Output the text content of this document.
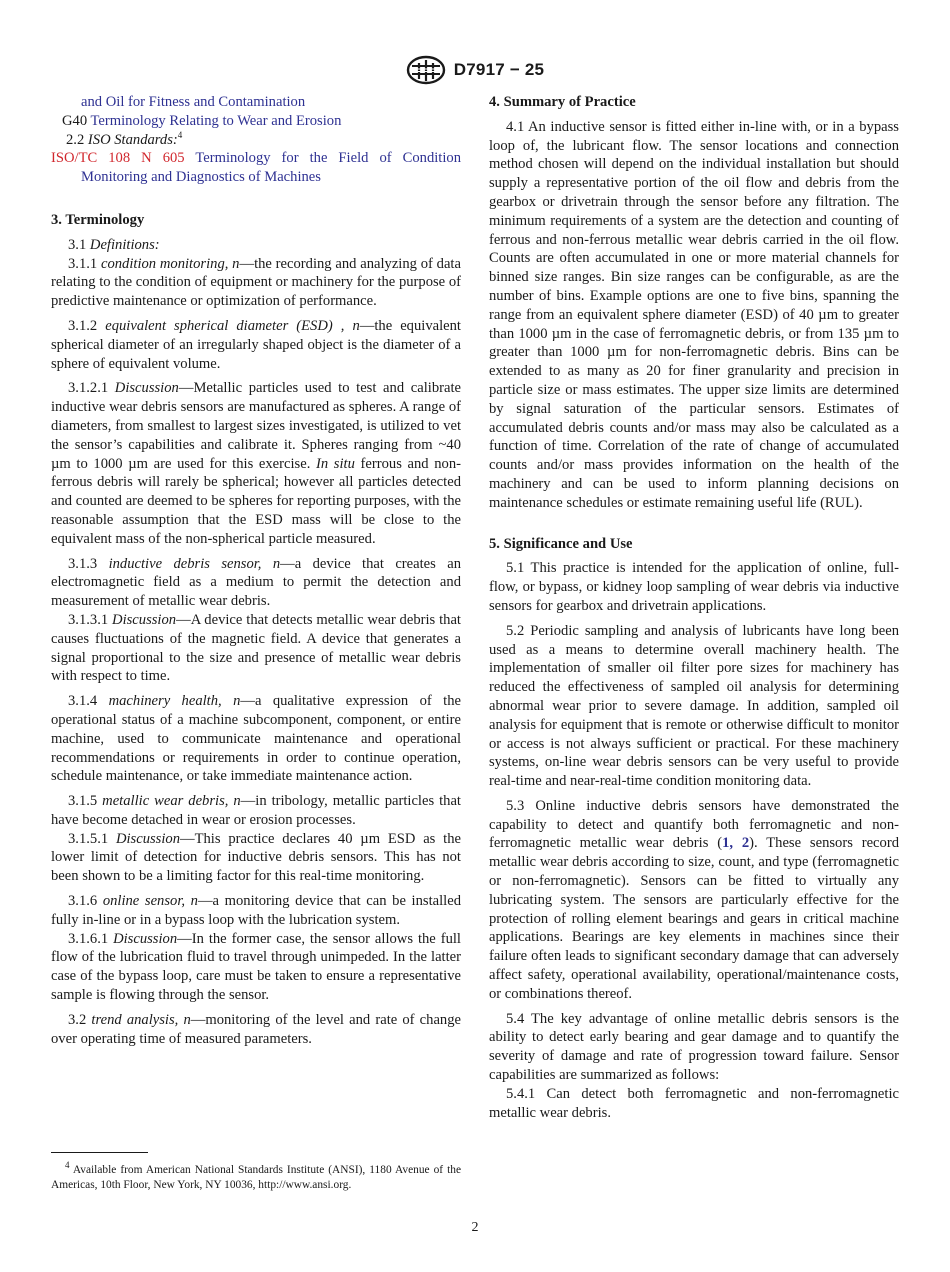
D7917 − 25

and Oil for Fitness and Contamination

G40 Terminology Relating to Wear and Erosion

2.2 ISO Standards:$^4$

ISO/TC 108 N 605 Terminology for the Field of Condition Monitoring and Diagnostics of Machines

3. Terminology

3.1 Definitions:

3.1.1 condition monitoring, n—the recording and analyzing of data relating to the condition of equipment or machinery for the purpose of predictive maintenance or optimization of performance.

3.1.2 equivalent spherical diameter (ESD) , n—the equivalent spherical diameter of an irregularly shaped object is the diameter of a sphere of equivalent volume.

3.1.2.1 Discussion—Metallic particles used to test and calibrate inductive wear debris sensors are manufactured as spheres. A range of diameters, from smallest to largest sizes investigated, is utilized to vet the sensor’s capabilities and calibrate it. Spheres ranging from ~40 µm to 1000 µm are used for this exercise. In situ ferrous and non-ferrous debris will rarely be spherical; however all particles detected and counted are deemed to be spheres for reporting purposes, with the reasonable assumption that the ESD mass will be close to the equivalent mass of the non-spherical particle measured.

3.1.3 inductive debris sensor, n—a device that creates an electromagnetic field as a medium to permit the detection and measurement of metallic wear debris.

3.1.3.1 Discussion—A device that detects metallic wear debris that causes fluctuations of the magnetic field. A device that generates a signal proportional to the size and presence of metallic wear debris with respect to time.

3.1.4 machinery health, n—a qualitative expression of the operational status of a machine subcomponent, component, or entire machine, used to communicate maintenance and operational recommendations or requirements in order to continue operation, schedule maintenance, or take immediate maintenance action.

3.1.5 metallic wear debris, n—in tribology, metallic particles that have become detached in wear or erosion processes.

3.1.5.1 Discussion—This practice declares 40 µm ESD as the lower limit of detection for inductive debris sensors. This has not been shown to be a limiting factor for this real-time monitoring.

3.1.6 online sensor, n—a monitoring device that can be installed fully in-line or in a bypass loop with the lubrication system.

3.1.6.1 Discussion—In the former case, the sensor allows the full flow of the lubrication fluid to travel through unimpeded. In the latter case of the bypass loop, care must be taken to ensure a representative sample is flowing through the sensor.

3.2 trend analysis, n—monitoring of the level and rate of change over operating time of measured parameters.

$^4$ Available from American National Standards Institute (ANSI), 1180 Avenue of the Americas, 10th Floor, New York, NY 10036, http://www.ansi.org.

4. Summary of Practice

4.1 An inductive sensor is fitted either in-line with, or in a bypass loop of, the lubricant flow. The sensor locations and connection method chosen will depend on the individual installation but should supply a representative portion of the oil flow and debris from the gearbox or drivetrain through the sensor before any filtration. The minimum requirements of a system are the detection and counting of ferrous and non-ferrous metallic wear debris carried in the oil flow. Counts are often accumulated in one or more material channels for binned size ranges. Bin size ranges can be configurable, as are the number of bins. Example options are one to five bins, spanning the range from an equivalent sphere diameter (ESD) of 40 µm to greater than 1000 µm in the case of ferromagnetic debris, or from 135 µm to greater than 1000 µm for non-ferromagnetic debris. Bins can be extended to as many as 20 for finer granularity and precision in particle size or mass estimates. The upper size limits are determined by signal saturation of the particular sensors. Estimates of accumulated debris counts and/or mass may also be calculated as a function of time. Correlation of the rate of change of accumulated counts and/or mass provides information on the health of the machinery and can be used to inform planning decisions on maintenance schedules or estimate remaining useful life (RUL).

5. Significance and Use

5.1 This practice is intended for the application of online, full-flow, or bypass, or kidney loop sampling of wear debris via inductive sensors for gearbox and drivetrain applications.

5.2 Periodic sampling and analysis of lubricants have long been used as a means to determine overall machinery health. The implementation of smaller oil filter pore sizes for machinery has reduced the effectiveness of sampled oil analysis for determining abnormal wear prior to severe damage. In addition, sampled oil analysis for equipment that is remote or otherwise difficult to monitor or access is not always sufficient or practical. For these machinery systems, on-line wear debris sensors can be very useful to provide real-time and near-real-time condition monitoring data.

5.3 Online inductive debris sensors have demonstrated the capability to detect and quantify both ferromagnetic and non-ferromagnetic metallic wear debris (1, 2). These sensors record metallic wear debris according to size, count, and type (ferromagnetic or non-ferromagnetic). Sensors can be fitted to virtually any lubricating system. The sensors are particularly effective for the protection of rolling element bearings and gears in critical machine applications. Bearings are key elements in machines since their failure often leads to significant secondary damage that can adversely affect safety, operational availability, operational/maintenance costs, or combinations thereof.

5.4 The key advantage of online metallic debris sensors is the ability to detect early bearing and gear damage and to quantify the severity of damage and rate of progression toward failure. Sensor capabilities are summarized as follows:

5.4.1 Can detect both ferromagnetic and non-ferromagnetic metallic wear debris.

2
